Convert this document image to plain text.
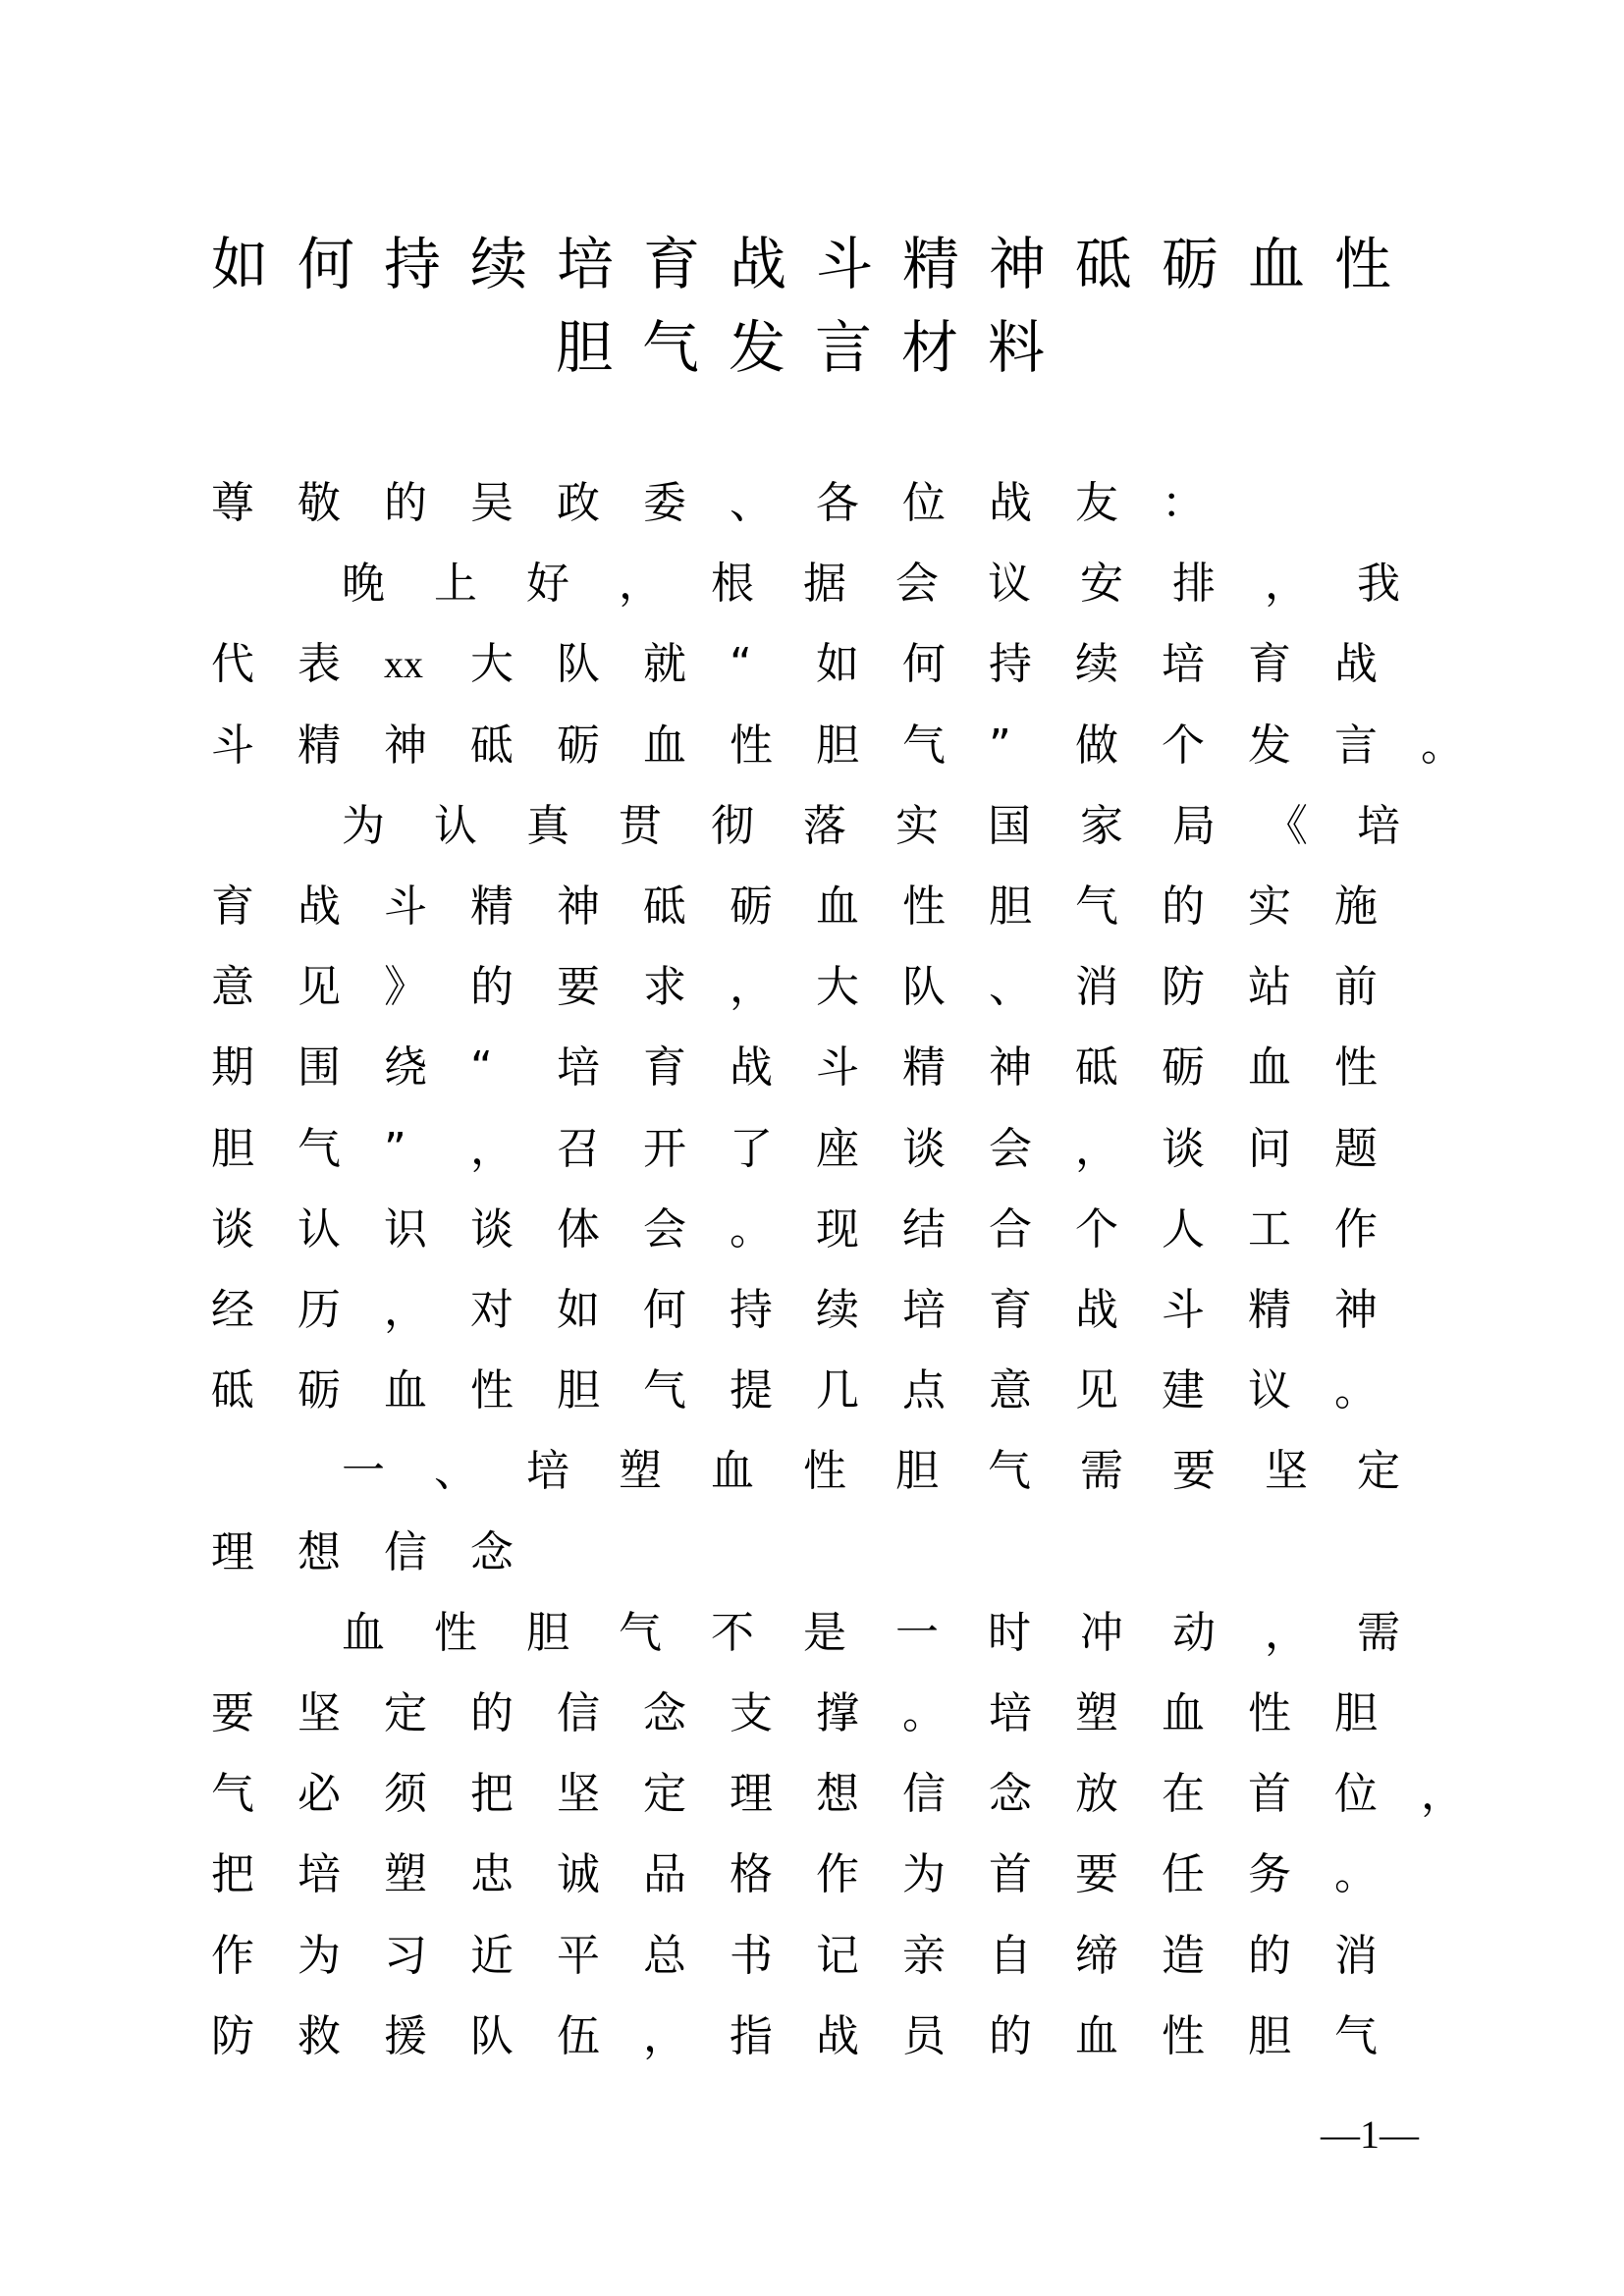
如 何 持 续 培 育 战 斗 精 神 砥 砺 血 性
胆 气 发 言 材 料
尊	敬	的	吴	政	委	、	各	位	战	友	：
晚	上	好	，	根	据	会	议	安	排	，	我
代	表	xx	大	队	就	“	如	何	持	续	培	育	战
斗	精	神	砥	砺	血	性	胆	气	”	做	个	发	言	。
为	认	真	贯	彻	落	实	国	家	局	《	培
育	战	斗	精	神	砥	砺	血	性	胆	气	的	实	施
意	见	》	的	要	求	，	大	队	、	消	防	站	前
期	围	绕	“	培	育	战	斗	精	神	砥	砺	血	性
胆	气	”	，	召	开	了	座	谈	会	，	谈	问	题
谈	认	识	谈	体	会	。	现	结	合	个	人	工	作
经	历	，	对	如	何	持	续	培	育	战	斗	精	神
砥	砺	血	性	胆	气	提	几	点	意	见	建	议	。
一	、	培	塑	血	性	胆	气	需	要	坚	定
理	想	信	念
血	性	胆	气	不	是	一	时	冲	动	，	需
要	坚	定	的	信	念	支	撑	。	培	塑	血	性	胆
气	必	须	把	坚	定	理	想	信	念	放	在	首	位	，
把	培	塑	忠	诚	品	格	作	为	首	要	任	务	。
作	为	习	近	平	总	书	记	亲	自	缔	造	的	消
防	救	援	队	伍	，	指	战	员	的	血	性	胆	气
—1—
